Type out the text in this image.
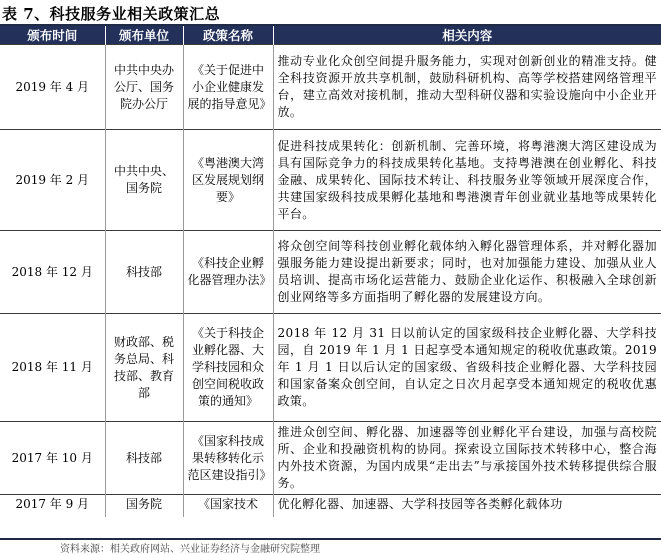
表 7、科技服务业相关政策汇总
颁布时间	颁布单位	政策名称	相关内容
2019 年 4 月	中共中央办公厅、国务院办公厅	《关于促进中小企业健康发展的指导意见》	推动专业化众创空间提升服务能力，实现对创新创业的精准支持。健全科技资源开放共享机制，鼓励科研机构、高等学校搭建网络管理平台，建立高效对接机制，推动大型科研仪器和实验设施向中小企业开放。
2019 年 2 月	中共中央、国务院	《粤港澳大湾区发展规划纲要》	促进科技成果转化：创新机制、完善环境，将粤港澳大湾区建设成为具有国际竞争力的科技成果转化基地。支持粤港澳在创业孵化、科技金融、成果转化、国际技术转让、科技服务业等领域开展深度合作，共建国家级科技成果孵化基地和粤港澳青年创业就业基地等成果转化平台。
2018 年 12 月	科技部	《科技企业孵化器管理办法》	将众创空间等科技创业孵化载体纳入孵化器管理体系，并对孵化器加强服务能力建设提出新要求；同时，也对加强能力建设、加强从业人员培训、提高市场化运营能力、鼓励企业化运作、积极融入全球创新创业网络等多方面指明了孵化器的发展建设方向。
2018 年 11 月	财政部、税务总局、科技部、教育部	《关于科技企业孵化器、大学科技园和众创空间税收政策的通知》	2018 年 12 月 31 日以前认定的国家级科技企业孵化器、大学科技园，自 2019 年 1 月 1 日起享受本通知规定的税收优惠政策。2019 年 1 月 1 日以后认定的国家级、省级科技企业孵化器、大学科技园和国家备案众创空间，自认定之日次月起享受本通知规定的税收优惠政策。
2017 年 10 月	科技部	《国家科技成果转移转化示范区建设指引》	推进众创空间、孵化器、加速器等创业孵化平台建设，加强与高校院所、企业和投融资机构的协同。探索设立国际技术转移中心，整合海内外技术资源，为国内成果“走出去”与承接国外技术转移提供综合服务。
2017 年 9 月	国务院	《国家技术	优化孵化器、加速器、大学科技园等各类孵化载体功
资料来源：相关政府网站、兴业证券经济与金融研究院整理
